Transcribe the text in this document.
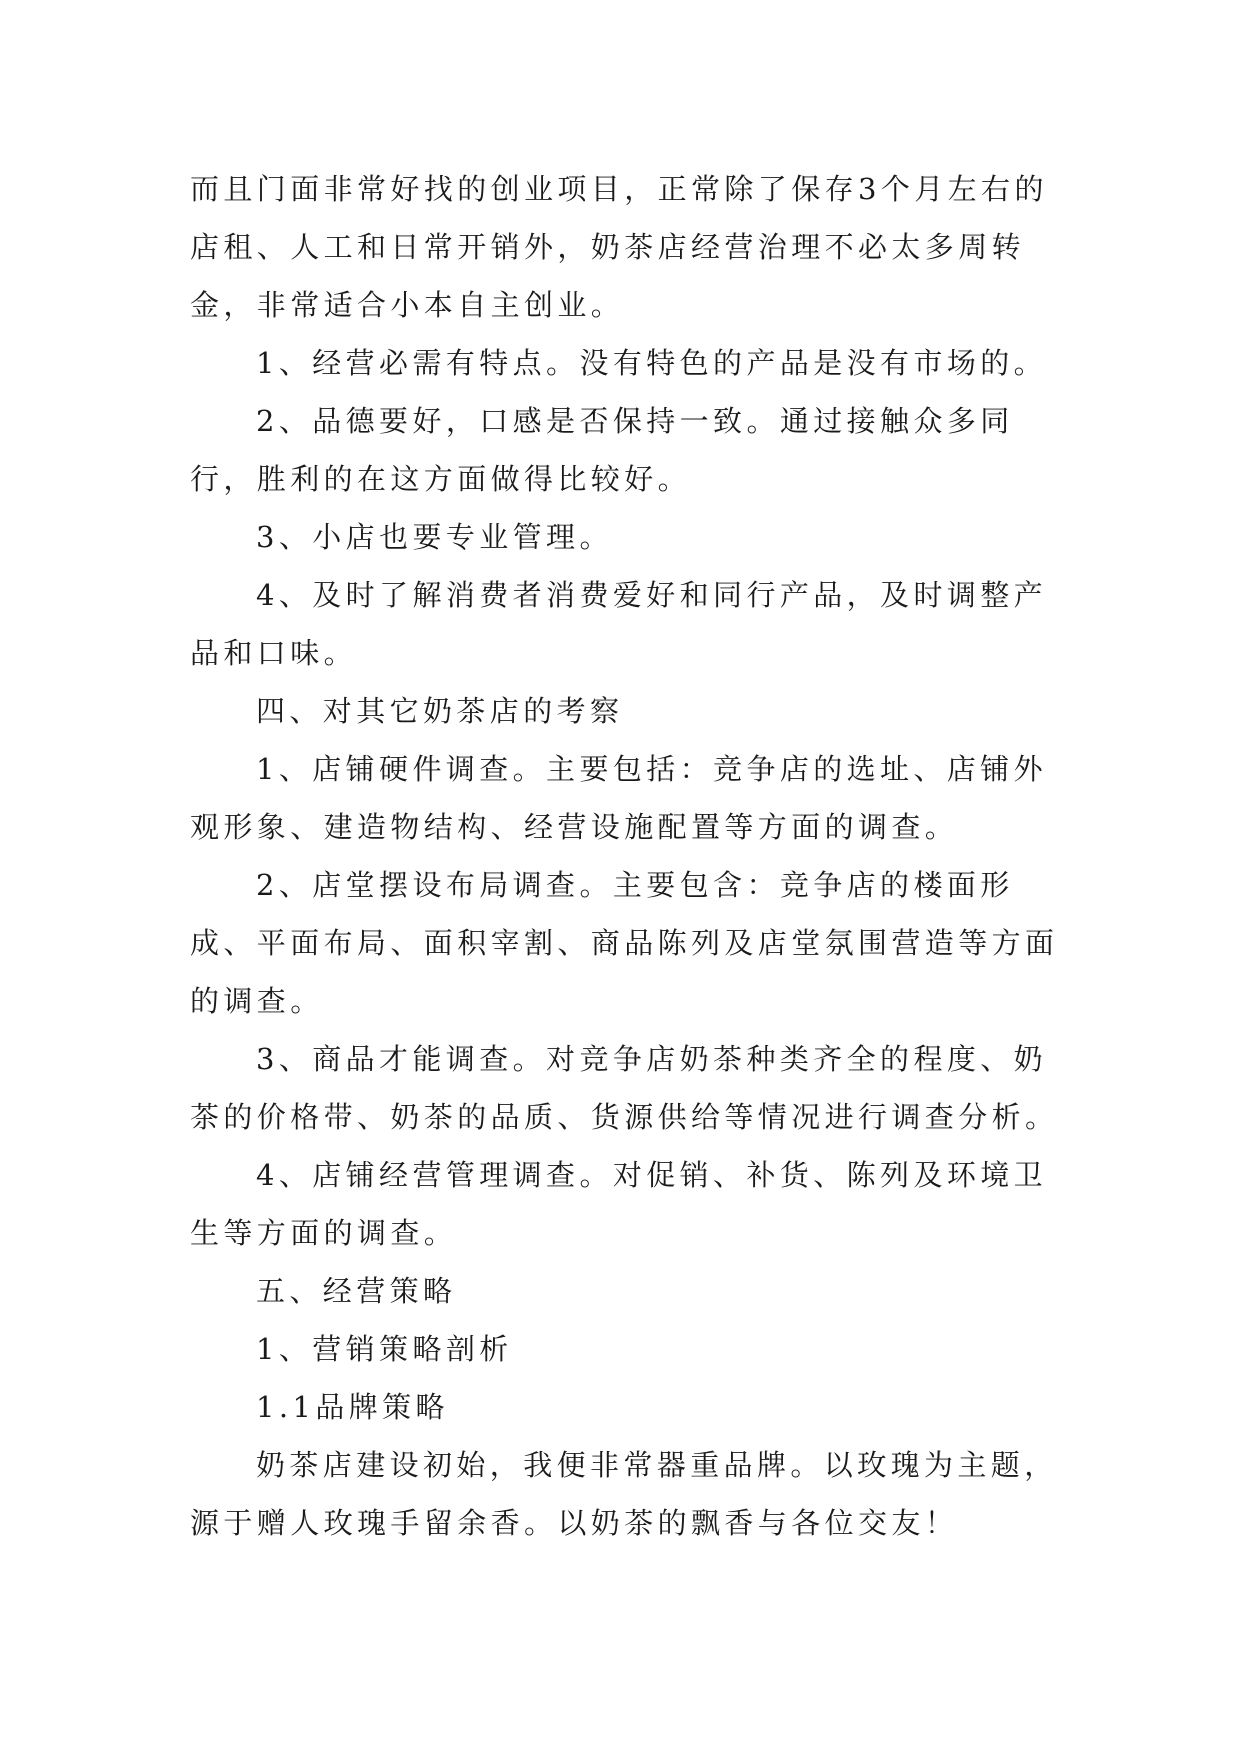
而且门面非常好找的创业项目，正常除了保存3个月左右的店租、人工和日常开销外，奶茶店经营治理不必太多周转金，非常适合小本自主创业。

1、经营必需有特点。没有特色的产品是没有市场的。

2、品德要好，口感是否保持一致。通过接触众多同行，胜利的在这方面做得比较好。

3、小店也要专业管理。

4、及时了解消费者消费爱好和同行产品，及时调整产品和口味。

四、对其它奶茶店的考察

1、店铺硬件调查。主要包括：竞争店的选址、店铺外观形象、建造物结构、经营设施配置等方面的调查。

2、店堂摆设布局调查。主要包含：竞争店的楼面形成、平面布局、面积宰割、商品陈列及店堂氛围营造等方面的调查。

3、商品才能调查。对竞争店奶茶种类齐全的程度、奶茶的价格带、奶茶的品质、货源供给等情况进行调查分析。

4、店铺经营管理调查。对促销、补货、陈列及环境卫生等方面的调查。

五、经营策略

1、营销策略剖析

1.1品牌策略

奶茶店建设初始，我便非常器重品牌。以玫瑰为主题，源于赠人玫瑰手留余香。以奶茶的飘香与各位交友！
